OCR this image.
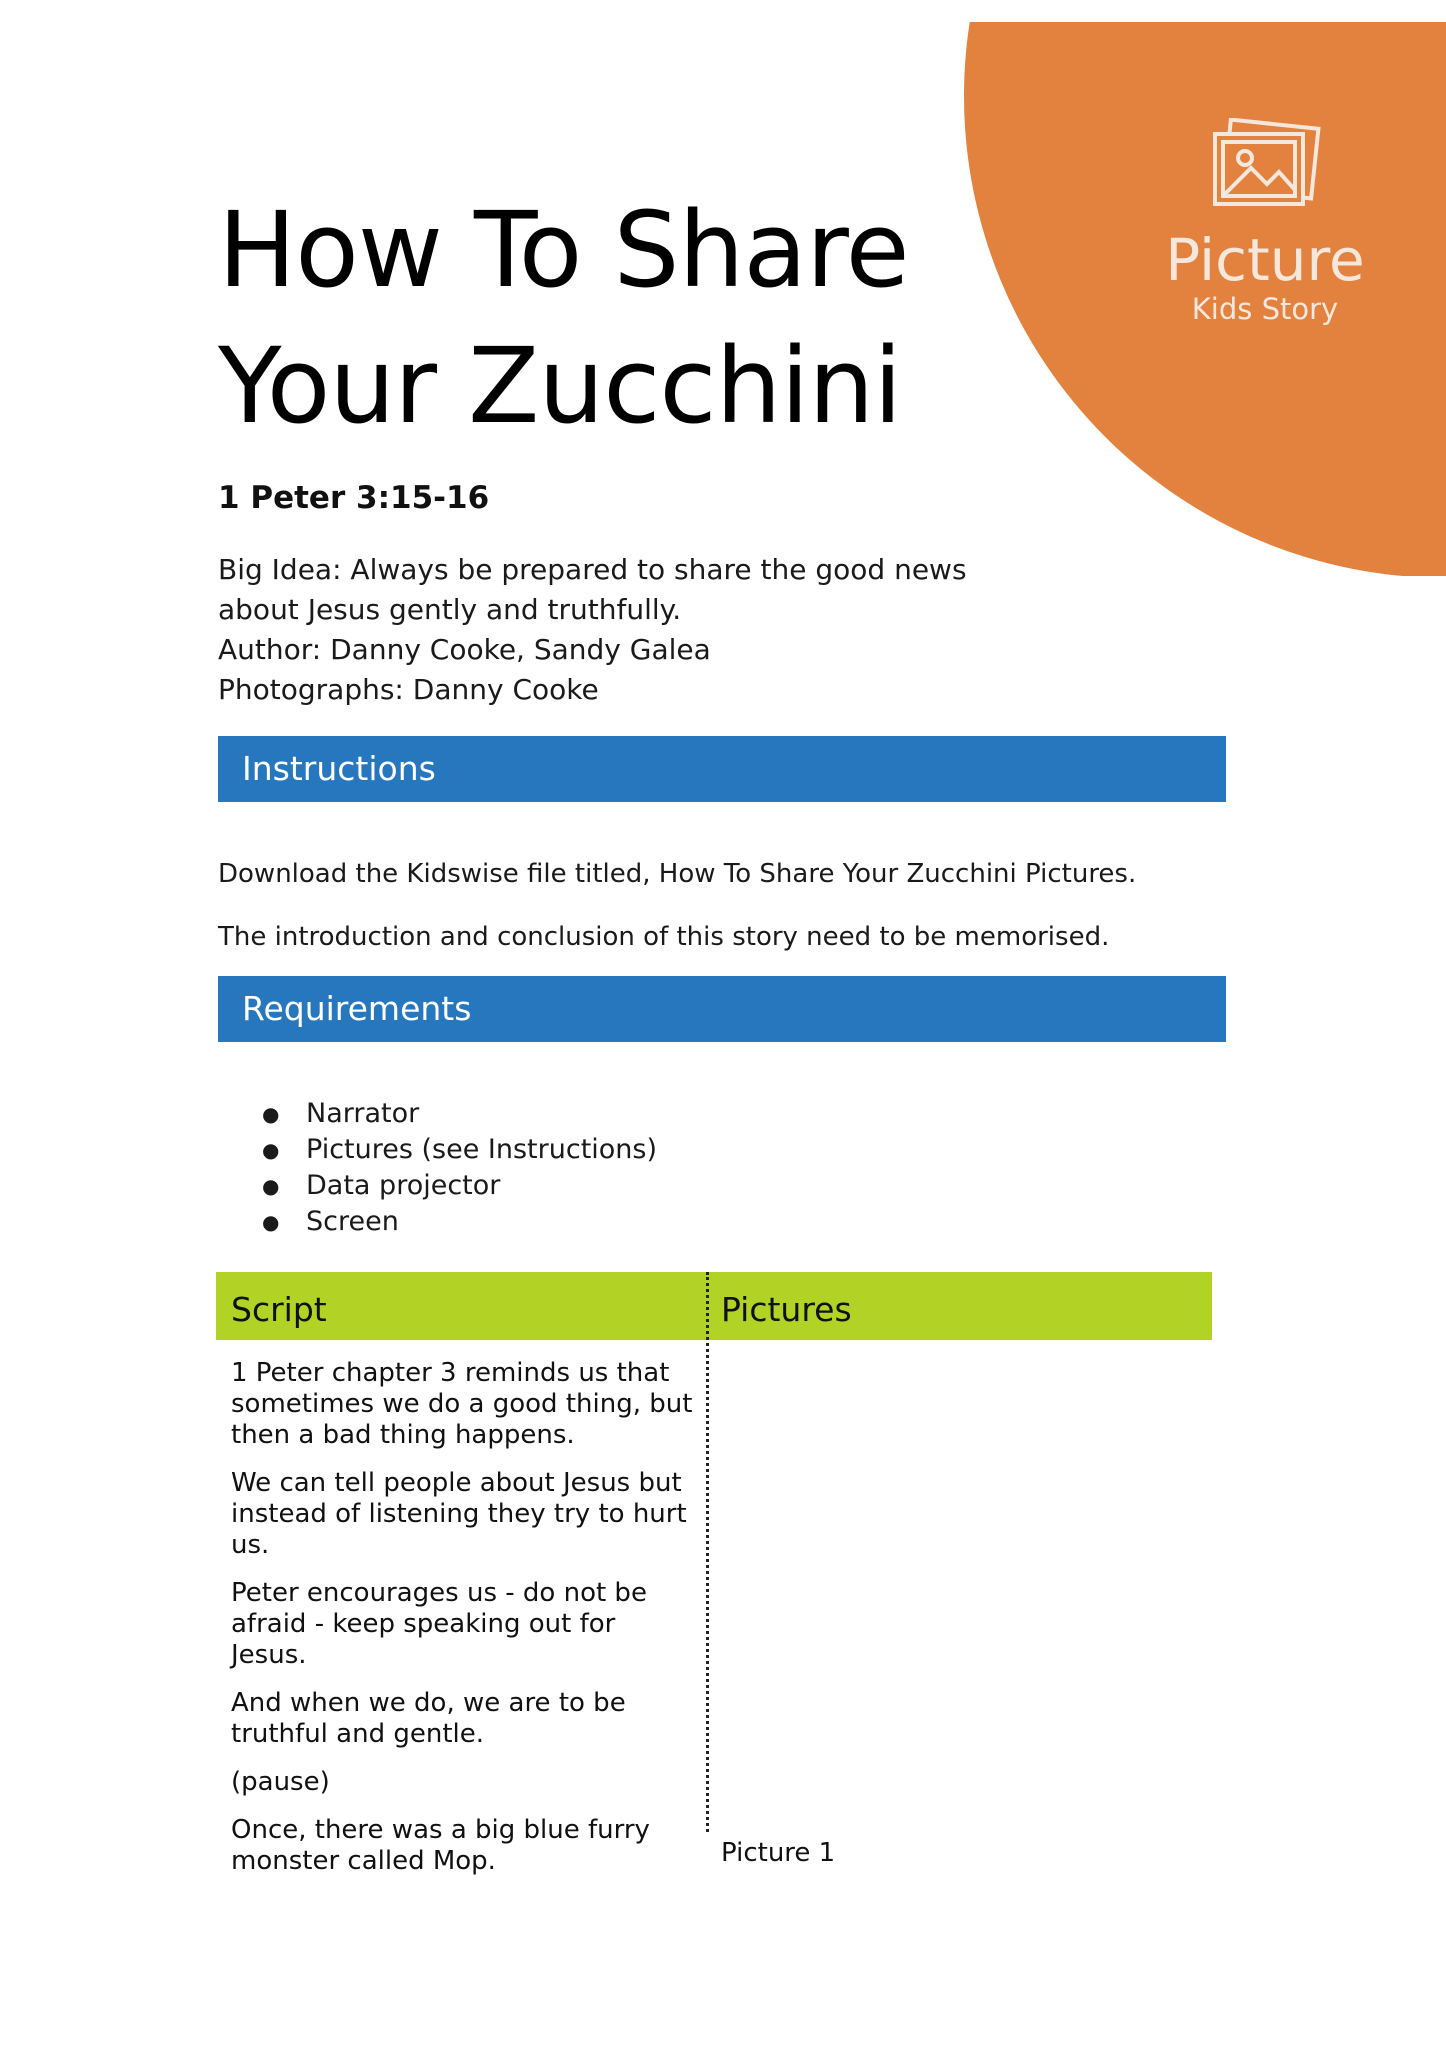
Picture
Kids Story
How To Share
Your Zucchini
1 Peter 3:15-16
Big Idea: Always be prepared to share the good news
about Jesus gently and truthfully.
Author: Danny Cooke, Sandy Galea
Photographs: Danny Cooke
Instructions

Download the Kidswise file titled, How To Share Your Zucchini Pictures.

The introduction and conclusion of this story need to be memorised.

Requirements
● Narrator
● Pictures (see Instructions)
● Data projector
● Screen
Script	Pictures

1 Peter chapter 3 reminds us that sometimes we do a good thing, but then a bad thing happens.

We can tell people about Jesus but instead of listening they try to hurt us.

Peter encourages us - do not be afraid - keep speaking out for Jesus.

And when we do, we are to be truthful and gentle.

(pause)

Once, there was a big blue furry monster called Mop.	Picture 1
